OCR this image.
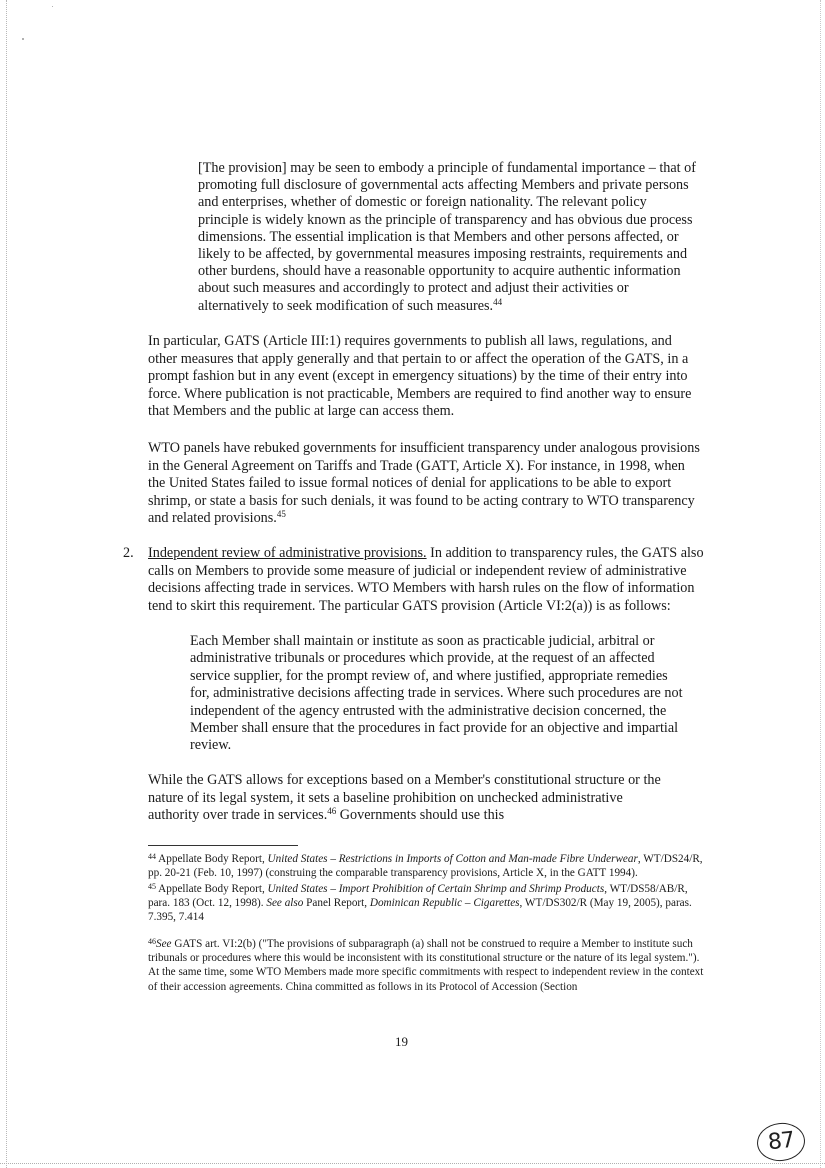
[The provision] may be seen to embody a principle of fundamental importance – that of promoting full disclosure of governmental acts affecting Members and private persons and enterprises, whether of domestic or foreign nationality. The relevant policy principle is widely known as the principle of transparency and has obvious due process dimensions. The essential implication is that Members and other persons affected, or likely to be affected, by governmental measures imposing restraints, requirements and other burdens, should have a reasonable opportunity to acquire authentic information about such measures and accordingly to protect and adjust their activities or alternatively to seek modification of such measures.$^{44}$

In particular, GATS (Article III:1) requires governments to publish all laws, regulations, and other measures that apply generally and that pertain to or affect the operation of the GATS, in a prompt fashion but in any event (except in emergency situations) by the time of their entry into force. Where publication is not practicable, Members are required to find another way to ensure that Members and the public at large can access them.

WTO panels have rebuked governments for insufficient transparency under analogous provisions in the General Agreement on Tariffs and Trade (GATT, Article X). For instance, in 1998, when the United States failed to issue formal notices of denial for applications to be able to export shrimp, or state a basis for such denials, it was found to be acting contrary to WTO transparency and related provisions.$^{45}$

2. Independent review of administrative provisions. In addition to transparency rules, the GATS also calls on Members to provide some measure of judicial or independent review of administrative decisions affecting trade in services. WTO Members with harsh rules on the flow of information tend to skirt this requirement. The particular GATS provision (Article VI:2(a)) is as follows:

Each Member shall maintain or institute as soon as practicable judicial, arbitral or administrative tribunals or procedures which provide, at the request of an affected service supplier, for the prompt review of, and where justified, appropriate remedies for, administrative decisions affecting trade in services. Where such procedures are not independent of the agency entrusted with the administrative decision concerned, the Member shall ensure that the procedures in fact provide for an objective and impartial review.

While the GATS allows for exceptions based on a Member's constitutional structure or the nature of its legal system, it sets a baseline prohibition on unchecked administrative authority over trade in services.$^{46}$ Governments should use this

$^{44}$ Appellate Body Report, United States – Restrictions in Imports of Cotton and Man-made Fibre Underwear, WT/DS24/R, pp. 20-21 (Feb. 10, 1997) (construing the comparable transparency provisions, Article X, in the GATT 1994).

$^{45}$ Appellate Body Report, United States – Import Prohibition of Certain Shrimp and Shrimp Products, WT/DS58/AB/R, para. 183 (Oct. 12, 1998). See also Panel Report, Dominican Republic – Cigarettes, WT/DS302/R (May 19, 2005), paras. 7.395, 7.414

$^{46}$See GATS art. VI:2(b) ("The provisions of subparagraph (a) shall not be construed to require a Member to institute such tribunals or procedures where this would be inconsistent with its constitutional structure or the nature of its legal system."). At the same time, some WTO Members made more specific commitments with respect to independent review in the context of their accession agreements. China committed as follows in its Protocol of Accession (Section

19
87
